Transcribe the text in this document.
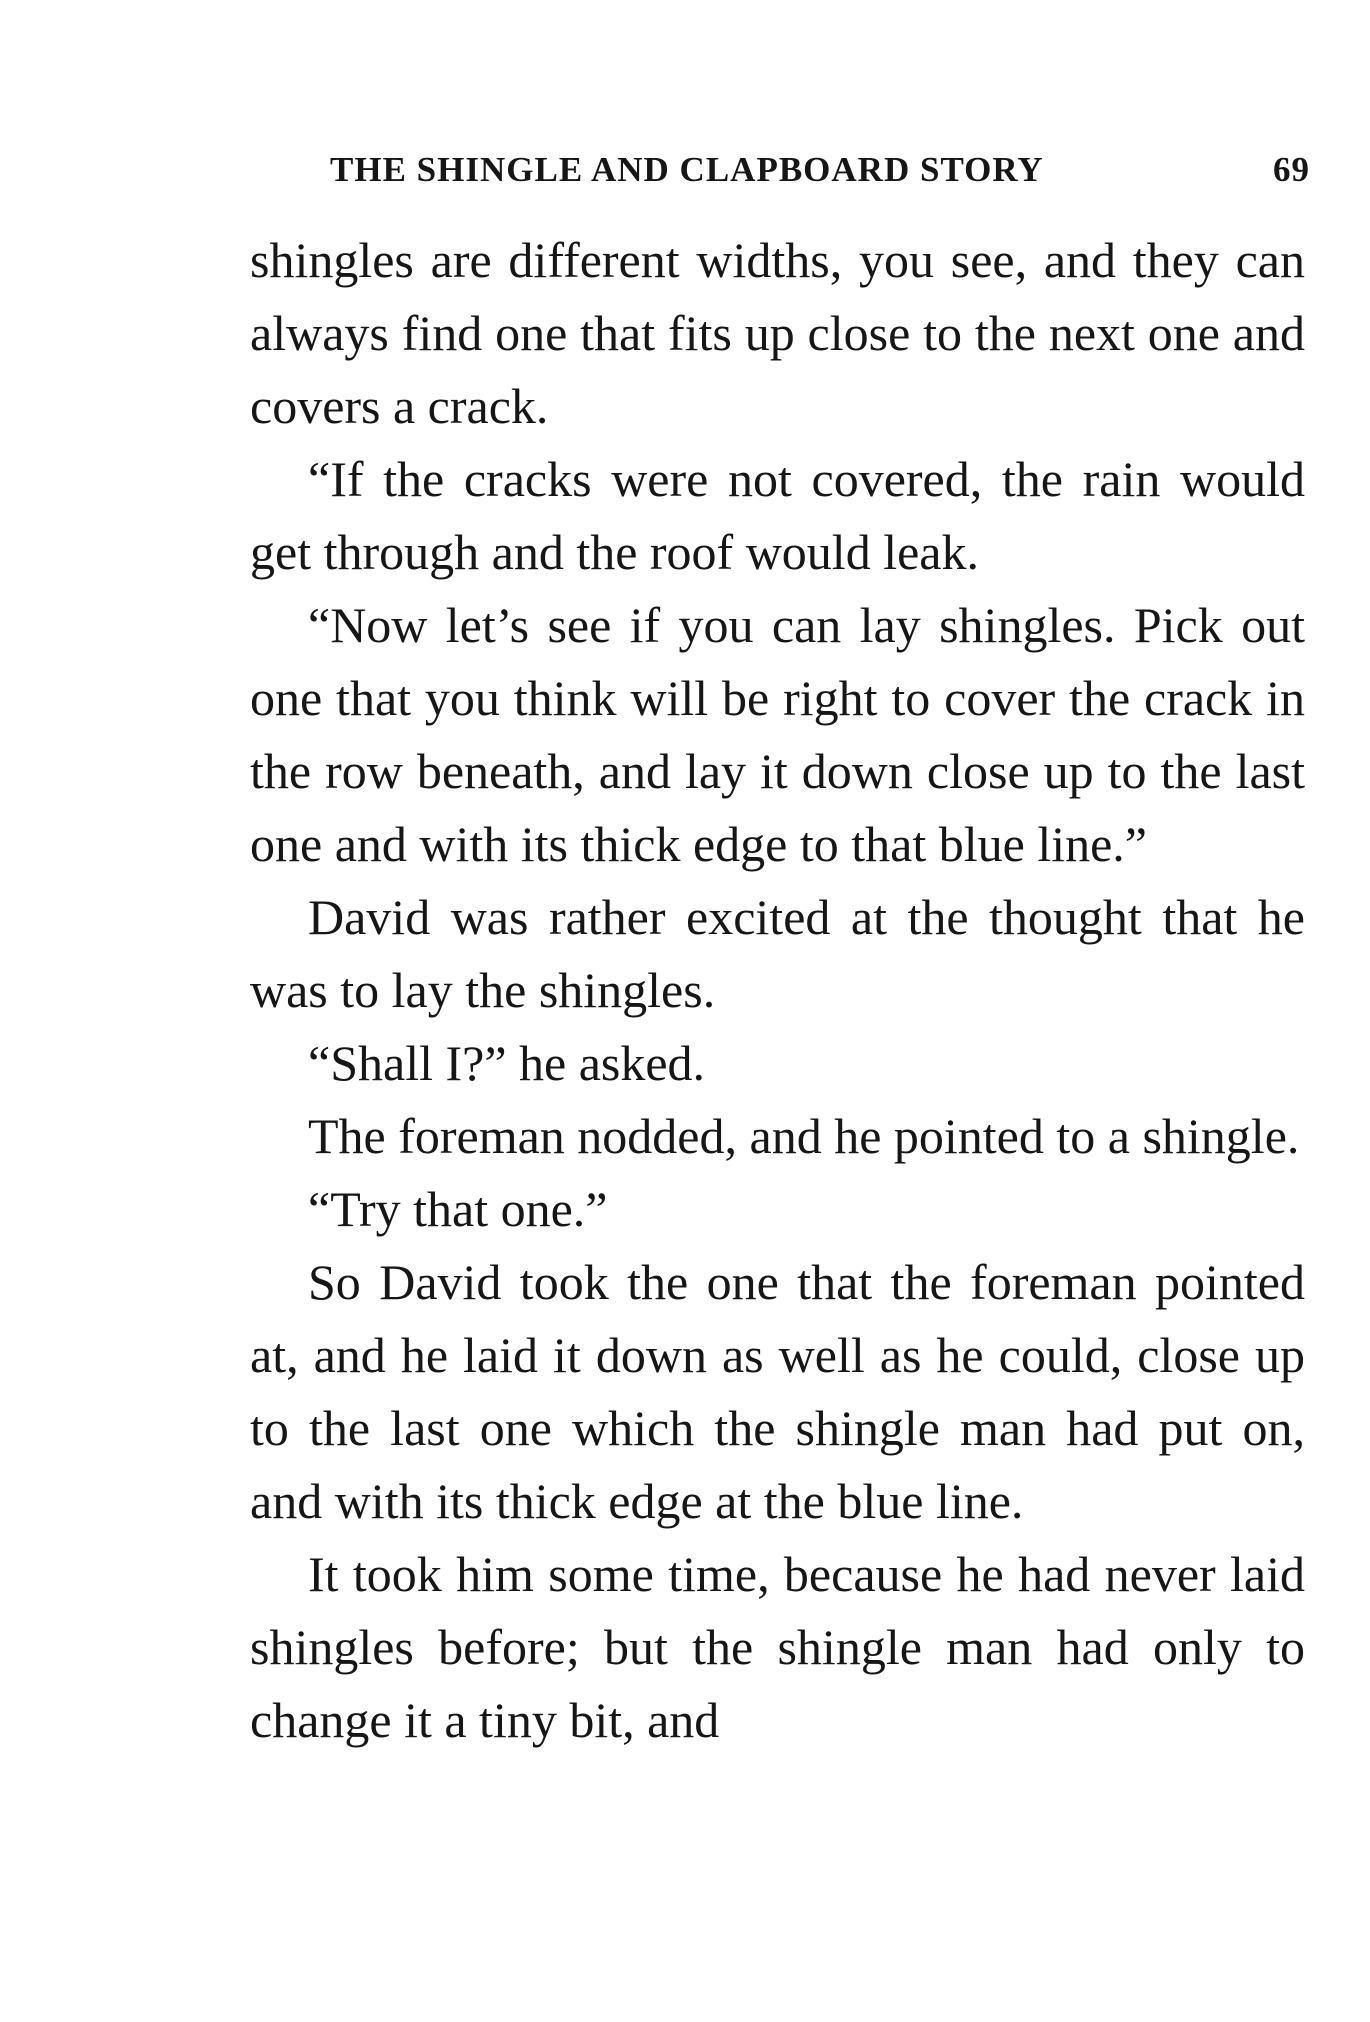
THE SHINGLE AND CLAPBOARD STORY	69

shingles are different widths, you see, and they can always find one that fits up close to the next one and covers a crack.

“If the cracks were not covered, the rain would get through and the roof would leak.

“Now let’s see if you can lay shingles. Pick out one that you think will be right to cover the crack in the row beneath, and lay it down close up to the last one and with its thick edge to that blue line.”

David was rather excited at the thought that he was to lay the shingles.

“Shall I?” he asked.

The foreman nodded, and he pointed to a shingle.

“Try that one.”

So David took the one that the foreman pointed at, and he laid it down as well as he could, close up to the last one which the shingle man had put on, and with its thick edge at the blue line.

It took him some time, because he had never laid shingles before; but the shingle man had only to change it a tiny bit, and
